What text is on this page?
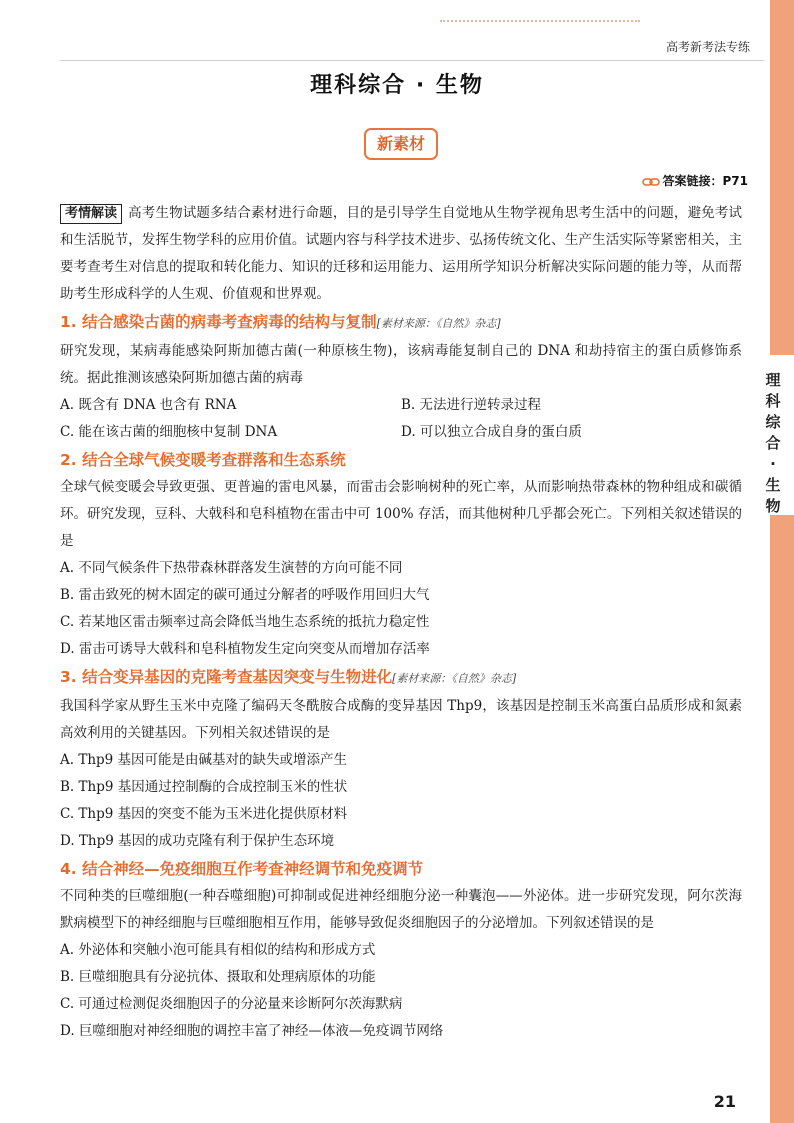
高考新考法专练
理科综合·生物
理科综合 · 生物
新素材
答案链接：P71
考情解读 高考生物试题多结合素材进行命题，目的是引导学生自觉地从生物学视角思考生活中的问题，避免考试和生活脱节，发挥生物学科的应用价值。试题内容与科学技术进步、弘扬传统文化、生产生活实际等紧密相关，主要考查考生对信息的提取和转化能力、知识的迁移和运用能力、运用所学知识分析解决实际问题的能力等，从而帮助考生形成科学的人生观、价值观和世界观。
1. 结合感染古菌的病毒考查病毒的结构与复制[素材来源：《自然》杂志]
研究发现，某病毒能感染阿斯加德古菌(一种原核生物)，该病毒能复制自己的 DNA 和劫持宿主的蛋白质修饰系统。据此推测该感染阿斯加德古菌的病毒
A. 既含有 DNA 也含有 RNA	B. 无法进行逆转录过程
C. 能在该古菌的细胞核中复制 DNA	D. 可以独立合成自身的蛋白质
2. 结合全球气候变暖考查群落和生态系统
全球气候变暖会导致更强、更普遍的雷电风暴，而雷击会影响树种的死亡率，从而影响热带森林的物种组成和碳循环。研究发现，豆科、大戟科和皂科植物在雷击中可 100% 存活，而其他树种几乎都会死亡。下列相关叙述错误的是
A. 不同气候条件下热带森林群落发生演替的方向可能不同
B. 雷击致死的树木固定的碳可通过分解者的呼吸作用回归大气
C. 若某地区雷击频率过高会降低当地生态系统的抵抗力稳定性
D. 雷击可诱导大戟科和皂科植物发生定向突变从而增加存活率
3. 结合变异基因的克隆考查基因突变与生物进化[素材来源：《自然》杂志]
我国科学家从野生玉米中克隆了编码天冬酰胺合成酶的变异基因 Thp9，该基因是控制玉米高蛋白品质形成和氮素高效利用的关键基因。下列相关叙述错误的是
A. Thp9 基因可能是由碱基对的缺失或增添产生
B. Thp9 基因通过控制酶的合成控制玉米的性状
C. Thp9 基因的突变不能为玉米进化提供原材料
D. Thp9 基因的成功克隆有利于保护生态环境
4. 结合神经—免疫细胞互作考查神经调节和免疫调节
不同种类的巨噬细胞(一种吞噬细胞)可抑制或促进神经细胞分泌一种囊泡——外泌体。进一步研究发现，阿尔茨海默病模型下的神经细胞与巨噬细胞相互作用，能够导致促炎细胞因子的分泌增加。下列叙述错误的是
A. 外泌体和突触小泡可能具有相似的结构和形成方式
B. 巨噬细胞具有分泌抗体、摄取和处理病原体的功能
C. 可通过检测促炎细胞因子的分泌量来诊断阿尔茨海默病
D. 巨噬细胞对神经细胞的调控丰富了神经—体液—免疫调节网络
21
